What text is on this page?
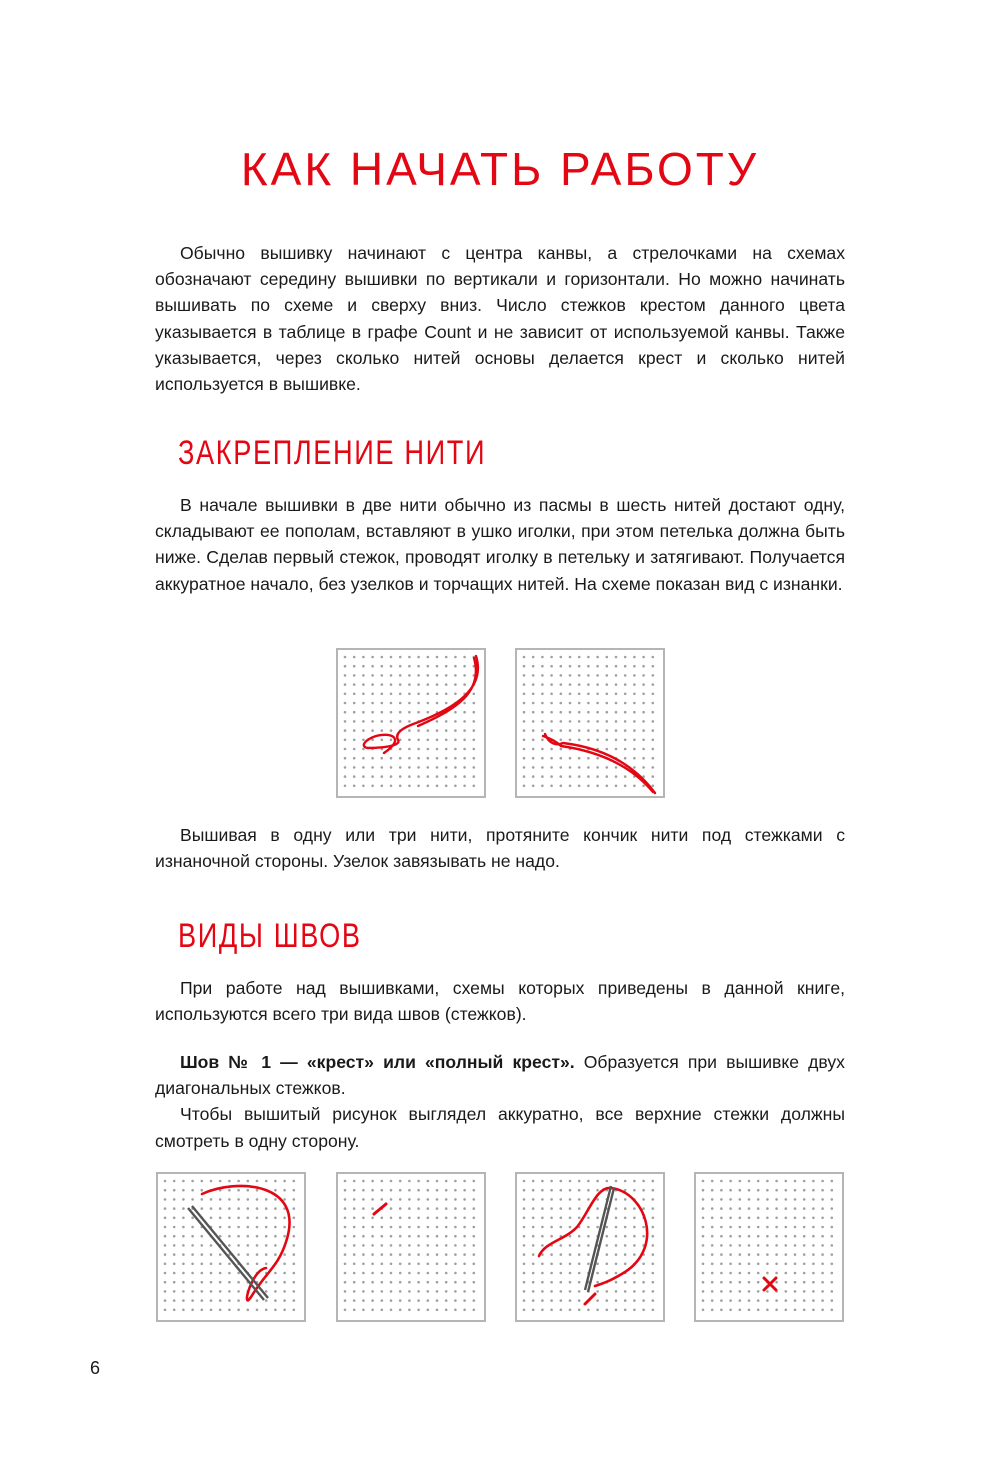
КАК НАЧАТЬ РАБОТУ

Обычно вышивку начинают с центра канвы, а стрелочками на схемах обозначают середину вышивки по вертикали и горизонтали. Но можно начинать вышивать по схеме и сверху вниз. Число стежков крестом данного цвета указывается в таблице в графе Count и не зависит от используемой канвы. Также указывается, через сколько нитей основы делается крест и сколько нитей используется в вышивке.

ЗАКРЕПЛЕНИЕ НИТИ

В начале вышивки в две нити обычно из пасмы в шесть нитей достают одну, складывают ее пополам, вставляют в ушко иголки, при этом петелька должна быть ниже. Сделав первый стежок, проводят иголку в петельку и затягивают. Получается аккуратное начало, без узелков и торчащих нитей. На схеме показан вид с изнанки.

Вышивая в одну или три нити, протяните кончик нити под стежками с изнаночной стороны. Узелок завязывать не надо.

ВИДЫ ШВОВ

При работе над вышивками, схемы которых приведены в данной книге, используются всего три вида швов (стежков).

Шов № 1 — «крест» или «полный крест». Образуется при вышивке двух диагональных стежков.

Чтобы вышитый рисунок выглядел аккуратно, все верхние стежки должны смотреть в одну сторону.

6
